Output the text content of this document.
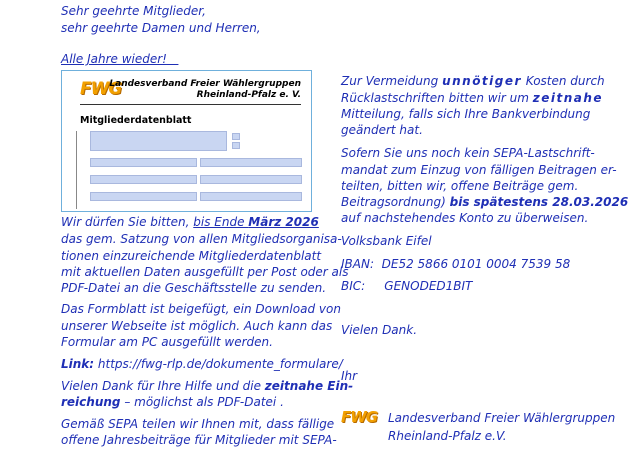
Sehr geehrte Mitglieder,
sehr geehrte Damen und Herren,
Alle Jahre wieder!
FWG
Landesverband Freier Wählergruppen
Rheinland-Pfalz e. V.
Mitgliederdatenblatt
Wir dürfen Sie bitten, bis Ende März 2026
das gem. Satzung von allen Mitgliedsorganisa-
tionen einzureichende Mitgliederdatenblatt
mit aktuellen Daten ausgefüllt per Post oder als
PDF-Datei an die Geschäftsstelle zu senden.
Das Formblatt ist beigefügt, ein Download von
unserer Webseite ist möglich. Auch kann das
Formular am PC ausgefüllt werden.
Link: https://fwg-rlp.de/dokumente_formulare/
Vielen Dank für Ihre Hilfe und die zeitnahe Ein-
reichung – möglichst als PDF-Datei .
Gemäß SEPA teilen wir Ihnen mit, dass fällige
offene Jahresbeiträge für Mitglieder mit SEPA-
Zur Vermeidung unnötiger Kosten durch
Rücklastschriften bitten wir um zeitnahe
Mitteilung, falls sich Ihre Bankverbindung
geändert hat.
Sofern Sie uns noch kein SEPA-Lastschrift-
mandat zum Einzug von fälligen Beitragen er-
teilten, bitten wir, offene Beiträge gem.
Beitragsordnung) bis spätestens 28.03.2026
auf nachstehendes Konto zu überweisen.
Volksbank Eifel
IBAN: DE52 5866 0101 0004 7539 58
BIC: GENODED1BIT
Vielen Dank.
Ihr
FWG Landesverband Freier Wählergruppen
Rheinland-Pfalz e.V.
